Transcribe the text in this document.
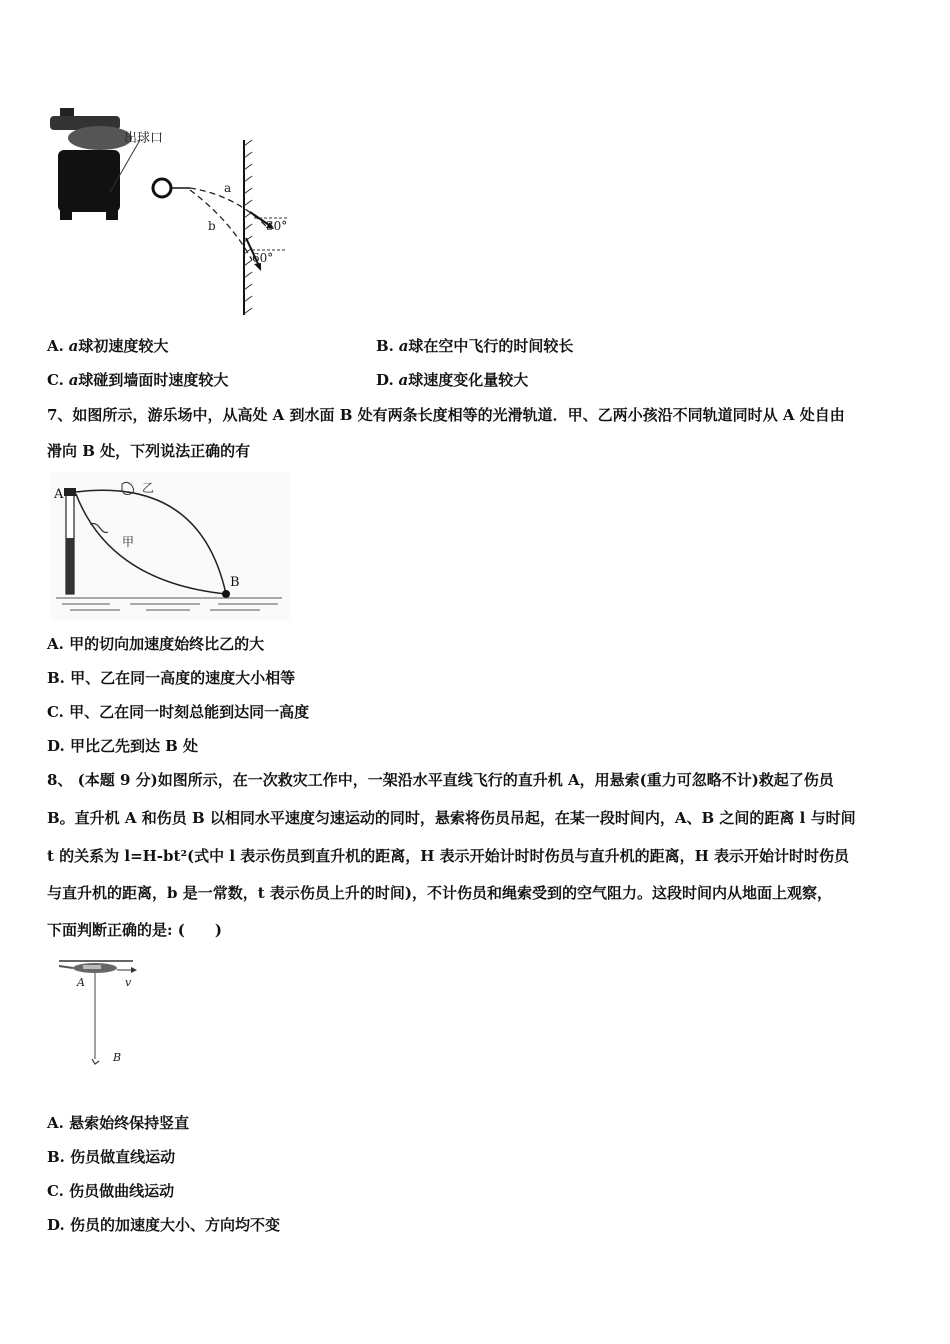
出球口
a
b	30°
60°
A. a球初速度较大	B. a球在空中飞行的时间较长
C. a球碰到墙面时速度较大	D. a球速度变化量较大
7、如图所示，游乐场中，从高处 A 到水面 B 处有两条长度相等的光滑轨道．甲、乙两小孩沿不同轨道同时从 A 处自由
滑向 B 处，下列说法正确的有
A
B
乙
甲
A. 甲的切向加速度始终比乙的大
B. 甲、乙在同一高度的速度大小相等
C. 甲、乙在同一时刻总能到达同一高度
D. 甲比乙先到达 B 处
8、 (本题 9 分)如图所示，在一次救灾工作中，一架沿水平直线飞行的直升机 A，用悬索(重力可忽略不计)救起了伤员
B。直升机 A 和伤员 B 以相同水平速度匀速运动的同时，悬索将伤员吊起，在某一段时间内，A、B 之间的距离 l 与时间
t 的关系为 l=H-bt²(式中 l 表示伤员到直升机的距离，H 表示开始计时时伤员与直升机的距离，H 表示开始计时时伤员
与直升机的距离，b 是一常数，t 表示伤员上升的时间)，不计伤员和绳索受到的空气阻力。这段时间内从地面上观察，
下面判断正确的是: (　　)
A	v
B
A. 悬索始终保持竖直
B. 伤员做直线运动
C. 伤员做曲线运动
D. 伤员的加速度大小、方向均不变
